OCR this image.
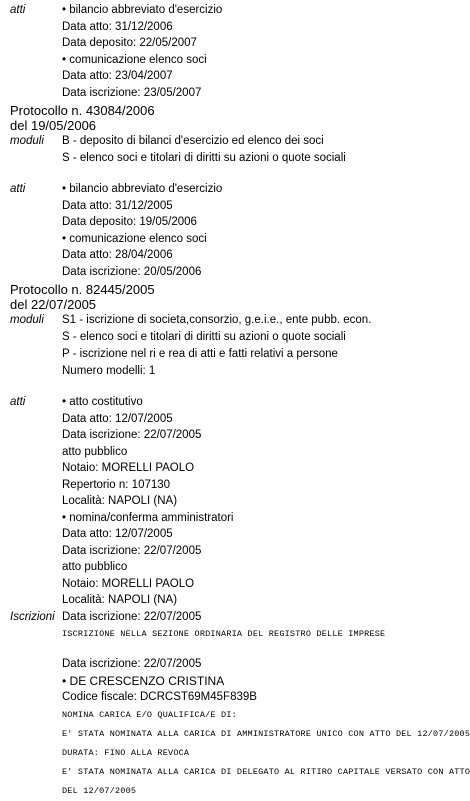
atti	• bilancio abbreviato d'esercizio
Data atto: 31/12/2006
Data deposito: 22/05/2007
• comunicazione elenco soci
Data atto: 23/04/2007
Data iscrizione: 23/05/2007
Protocollo n. 43084/2006
del 19/05/2006
moduli	B - deposito di bilanci d'esercizio ed elenco dei soci
S - elenco soci e titolari di diritti su azioni o quote sociali
atti	• bilancio abbreviato d'esercizio
Data atto: 31/12/2005
Data deposito: 19/05/2006
• comunicazione elenco soci
Data atto: 28/04/2006
Data iscrizione: 20/05/2006
Protocollo n. 82445/2005
del 22/07/2005
moduli	S1 - iscrizione di societa,consorzio, g.e.i.e., ente pubb. econ.
S - elenco soci e titolari di diritti su azioni o quote sociali
P - iscrizione nel ri e rea di atti e fatti relativi a persone
Numero modelli: 1
atti	• atto costitutivo
Data atto: 12/07/2005
Data iscrizione: 22/07/2005
atto pubblico
Notaio: MORELLI PAOLO
Repertorio n: 107130
Località: NAPOLI (NA)
• nomina/conferma amministratori
Data atto: 12/07/2005
Data iscrizione: 22/07/2005
atto pubblico
Notaio: MORELLI PAOLO
Località: NAPOLI (NA)
Iscrizioni Data iscrizione: 22/07/2005
ISCRIZIONE NELLA SEZIONE ORDINARIA DEL REGISTRO DELLE IMPRESE
Data iscrizione: 22/07/2005
• DE CRESCENZO CRISTINA
Codice fiscale: DCRCST69M45F839B
NOMINA CARICA E/O QUALIFICA/E DI:
E' STATA NOMINATA ALLA CARICA DI AMMINISTRATORE UNICO CON ATTO DEL 12/07/2005
DURATA: FINO ALLA REVOCA
E' STATA NOMINATA ALLA CARICA DI DELEGATO AL RITIRO CAPITALE VERSATO CON ATTO
DEL 12/07/2005
